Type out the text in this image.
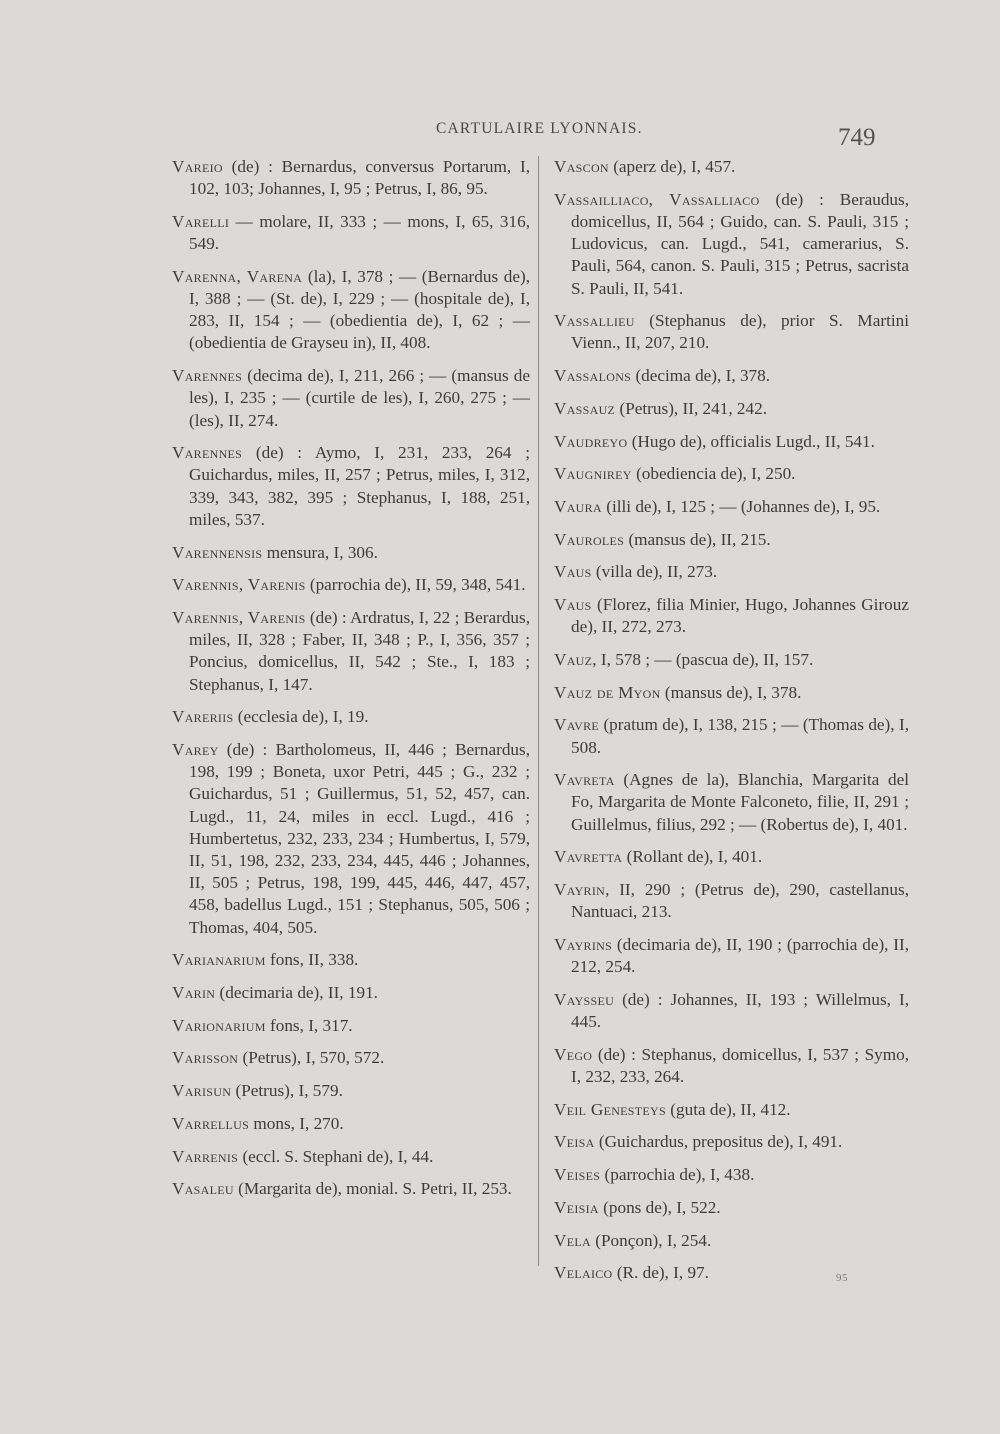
CARTULAIRE LYONNAIS.	749

Vareio (de) : Bernardus, conversus Portarum, I, 102, 103; Johannes, I, 95 ; Petrus, I, 86, 95.

Varelli — molare, II, 333 ; — mons, I, 65, 316, 549.

Varenna, Varena (la), I, 378 ; — (Bernardus de), I, 388 ; — (St. de), I, 229 ; — (hospitale de), I, 283, II, 154 ; — (obedientia de), I, 62 ; — (obedientia de Grayseu in), II, 408.

Varennes (decima de), I, 211, 266 ; — (mansus de les), I, 235 ; — (curtile de les), I, 260, 275 ; — (les), II, 274.

Varennes (de) : Aymo, I, 231, 233, 264 ; Guichardus, miles, II, 257 ; Petrus, miles, I, 312, 339, 343, 382, 395 ; Stephanus, I, 188, 251, miles, 537.

Varennensis mensura, I, 306.

Varennis, Varenis (parrochia de), II, 59, 348, 541.

Varennis, Varenis (de) : Ardratus, I, 22 ; Berardus, miles, II, 328 ; Faber, II, 348 ; P., I, 356, 357 ; Poncius, domicellus, II, 542 ; Ste., I, 183 ; Stephanus, I, 147.

Vareriis (ecclesia de), I, 19.

Varey (de) : Bartholomeus, II, 446 ; Bernardus, 198, 199 ; Boneta, uxor Petri, 445 ; G., 232 ; Guichardus, 51 ; Guillermus, 51, 52, 457, can. Lugd., 11, 24, miles in eccl. Lugd., 416 ; Humbertetus, 232, 233, 234 ; Humbertus, I, 579, II, 51, 198, 232, 233, 234, 445, 446 ; Johannes, II, 505 ; Petrus, 198, 199, 445, 446, 447, 457, 458, badellus Lugd., 151 ; Stephanus, 505, 506 ; Thomas, 404, 505.

Varianarium fons, II, 338.

Varin (decimaria de), II, 191.

Varionarium fons, I, 317.

Varisson (Petrus), I, 570, 572.

Varisun (Petrus), I, 579.

Varrellus mons, I, 270.

Varrenis (eccl. S. Stephani de), I, 44.

Vasaleu (Margarita de), monial. S. Petri, II, 253.

Vascon (aperz de), I, 457.

Vassailliaco, Vassalliaco (de) : Beraudus, domicellus, II, 564 ; Guido, can. S. Pauli, 315 ; Ludovicus, can. Lugd., 541, camerarius, S. Pauli, 564, canon. S. Pauli, 315 ; Petrus, sacrista S. Pauli, II, 541.

Vassallieu (Stephanus de), prior S. Martini Vienn., II, 207, 210.

Vassalons (decima de), I, 378.

Vassauz (Petrus), II, 241, 242.

Vaudreyo (Hugo de), officialis Lugd., II, 541.

Vaugnirey (obediencia de), I, 250.

Vaura (illi de), I, 125 ; — (Johannes de), I, 95.

Vauroles (mansus de), II, 215.

Vaus (villa de), II, 273.

Vaus (Florez, filia Minier, Hugo, Johannes Girouz de), II, 272, 273.

Vauz, I, 578 ; — (pascua de), II, 157.

Vauz de Myon (mansus de), I, 378.

Vavre (pratum de), I, 138, 215 ; — (Thomas de), I, 508.

Vavreta (Agnes de la), Blanchia, Margarita del Fo, Margarita de Monte Falconeto, filie, II, 291 ; Guillelmus, filius, 292 ; — (Robertus de), I, 401.

Vavretta (Rollant de), I, 401.

Vayrin, II, 290 ; (Petrus de), 290, castellanus, Nantuaci, 213.

Vayrins (decimaria de), II, 190 ; (parrochia de), II, 212, 254.

Vaysseu (de) : Johannes, II, 193 ; Willelmus, I, 445.

Vego (de) : Stephanus, domicellus, I, 537 ; Symo, I, 232, 233, 264.

Veil Genesteys (guta de), II, 412.

Veisa (Guichardus, prepositus de), I, 491.

Veises (parrochia de), I, 438.

Veisia (pons de), I, 522.

Vela (Ponçon), I, 254.

Velaico (R. de), I, 97.	95
